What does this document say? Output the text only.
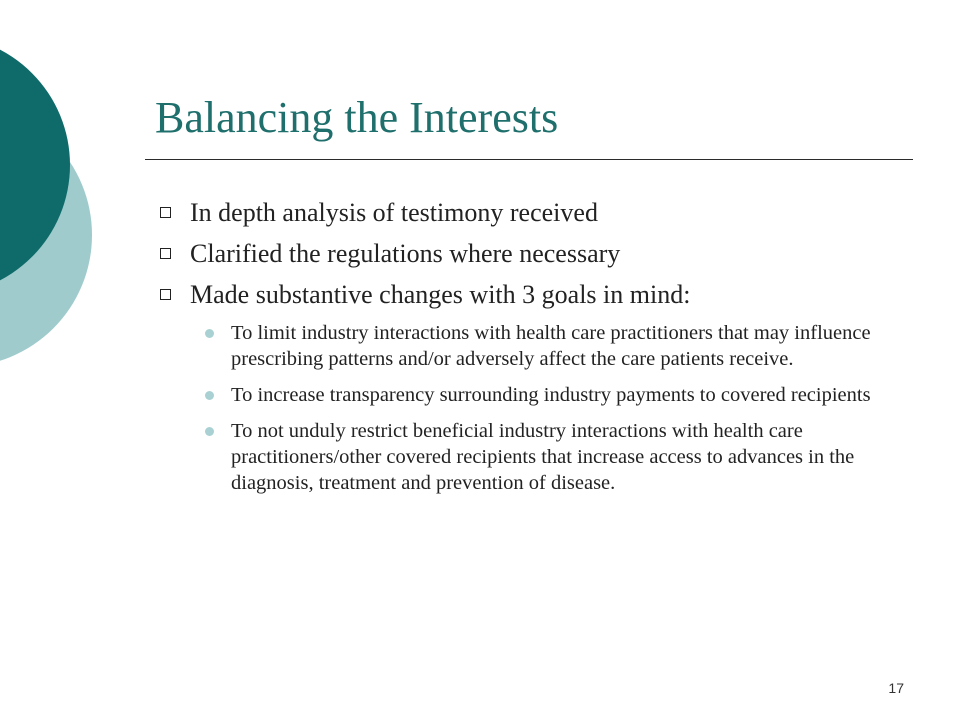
Balancing the Interests
In depth analysis of testimony received
Clarified the regulations where necessary
Made substantive changes with 3 goals in mind:
To limit industry interactions with health care practitioners that may influence prescribing patterns and/or adversely affect the care patients receive.
To increase transparency surrounding industry payments to covered recipients
To not unduly restrict beneficial industry interactions with health care practitioners/other covered recipients that increase access to advances in the diagnosis, treatment and prevention of disease.
17
